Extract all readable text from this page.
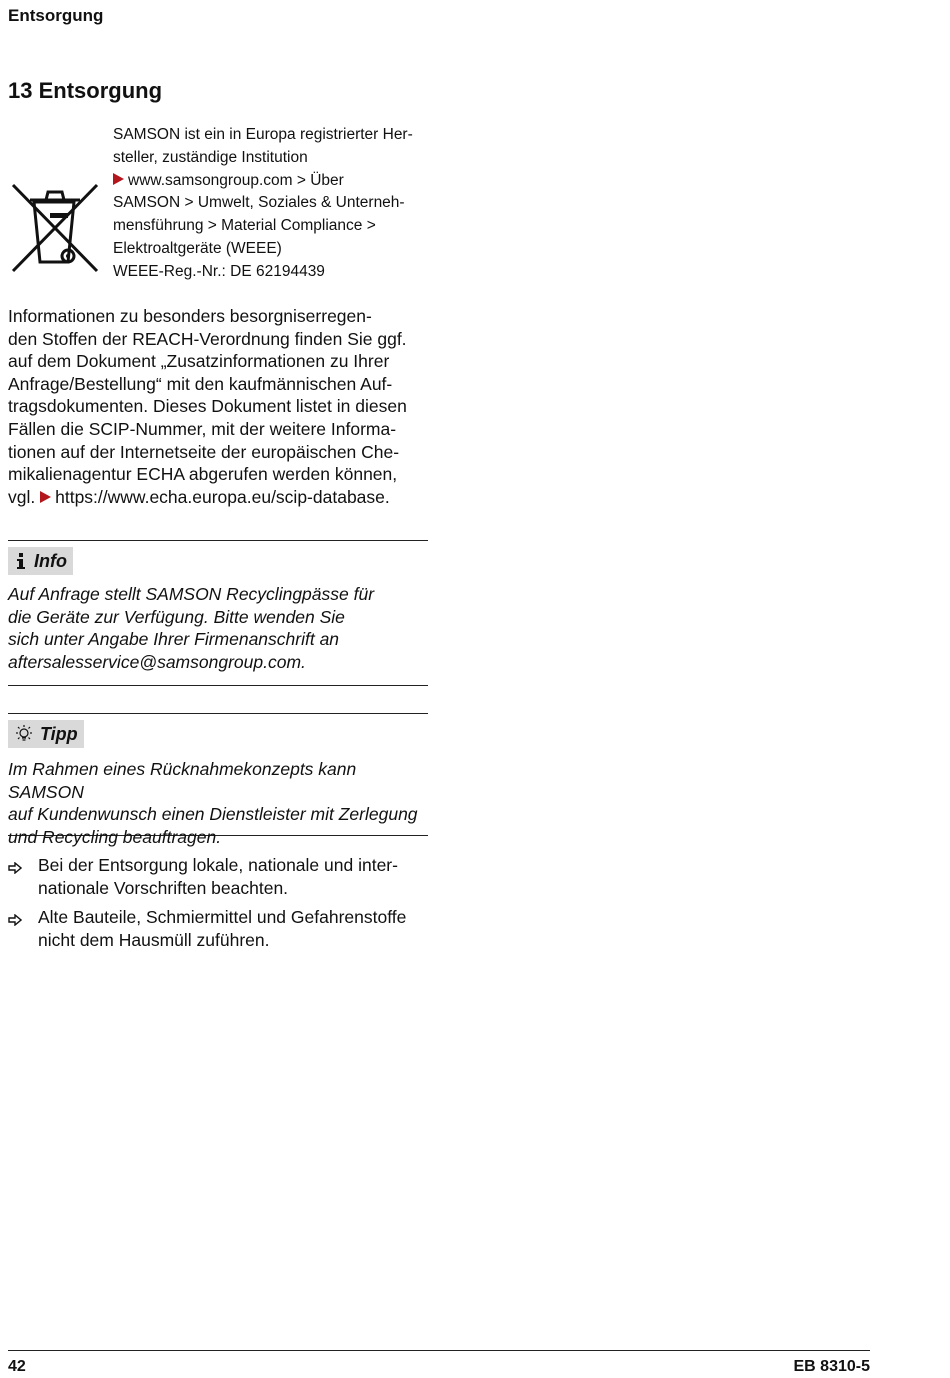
Entsorgung
13 Entsorgung
SAMSON ist ein in Europa registrierter Her-
steller, zuständige Institution
www.samsongroup.com > Über
SAMSON > Umwelt, Soziales & Unterneh-
mensführung > Material Compliance >
Elektroaltgeräte (WEEE)
WEEE-Reg.-Nr.: DE 62194439
Informationen zu besonders besorgniserregen-
den Stoffen der REACH-Verordnung finden Sie ggf.
auf dem Dokument „Zusatzinformationen zu Ihrer
Anfrage/Bestellung“ mit den kaufmännischen Auf-
tragsdokumenten. Dieses Dokument listet in diesen
Fällen die SCIP-Nummer, mit der weitere Informa-
tionen auf der Internetseite der europäischen Che-
mikalienagentur ECHA abgerufen werden können,
vgl. https://www.echa.europa.eu/scip-database.
Info
Auf Anfrage stellt SAMSON Recyclingpässe für
die Geräte zur Verfügung. Bitte wenden Sie
sich unter Angabe Ihrer Firmenanschrift an
aftersalesservice@samsongroup.com.
Tipp
Im Rahmen eines Rücknahmekonzepts kann SAMSON
auf Kundenwunsch einen Dienstleister mit Zerlegung
und Recycling beauftragen.
Bei der Entsorgung lokale, nationale und inter-
nationale Vorschriften beachten.
Alte Bauteile, Schmiermittel und Gefahrenstoffe
nicht dem Hausmüll zuführen.
42	EB 8310-5
